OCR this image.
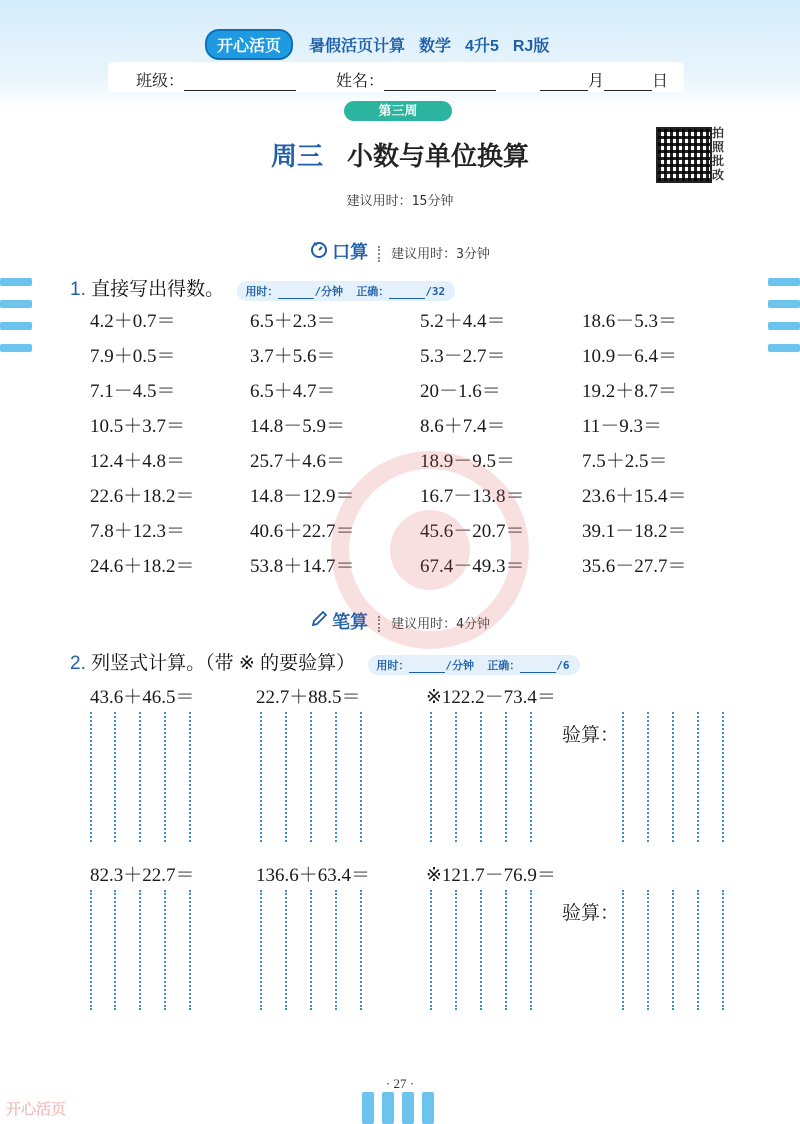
开心活页	暑假活页计算 数学 4升5 RJ版
班级：	姓名：	月	日
第三周
周三 小数与单位换算
拍
照
批
改
建议用时：15分钟
口算 建议用时：3分钟
1. 直接写出得数。 用时：	/分钟 正确：	/32
4.2＋0.7＝	6.5＋2.3＝	5.2＋4.4＝	18.6－5.3＝
7.9＋0.5＝	3.7＋5.6＝	5.3－2.7＝	10.9－6.4＝
7.1－4.5＝	6.5＋4.7＝	20－1.6＝	19.2＋8.7＝
10.5＋3.7＝	14.8－5.9＝	8.6＋7.4＝	11－9.3＝
12.4＋4.8＝	25.7＋4.6＝	18.9－9.5＝	7.5＋2.5＝
22.6＋18.2＝	14.8－12.9＝	16.7－13.8＝	23.6＋15.4＝
7.8＋12.3＝	40.6＋22.7＝	45.6－20.7＝	39.1－18.2＝
24.6＋18.2＝	53.8＋14.7＝	67.4－49.3＝	35.6－27.7＝
笔算 建议用时：4分钟
2. 列竖式计算。（带 ※ 的要验算） 用时：	/分钟 正确：	/6
43.6＋46.5＝	22.7＋88.5＝	※122.2－73.4＝
验算：
82.3＋22.7＝	136.6＋63.4＝	※121.7－76.9＝
验算：
· 27 ·
开心活页
